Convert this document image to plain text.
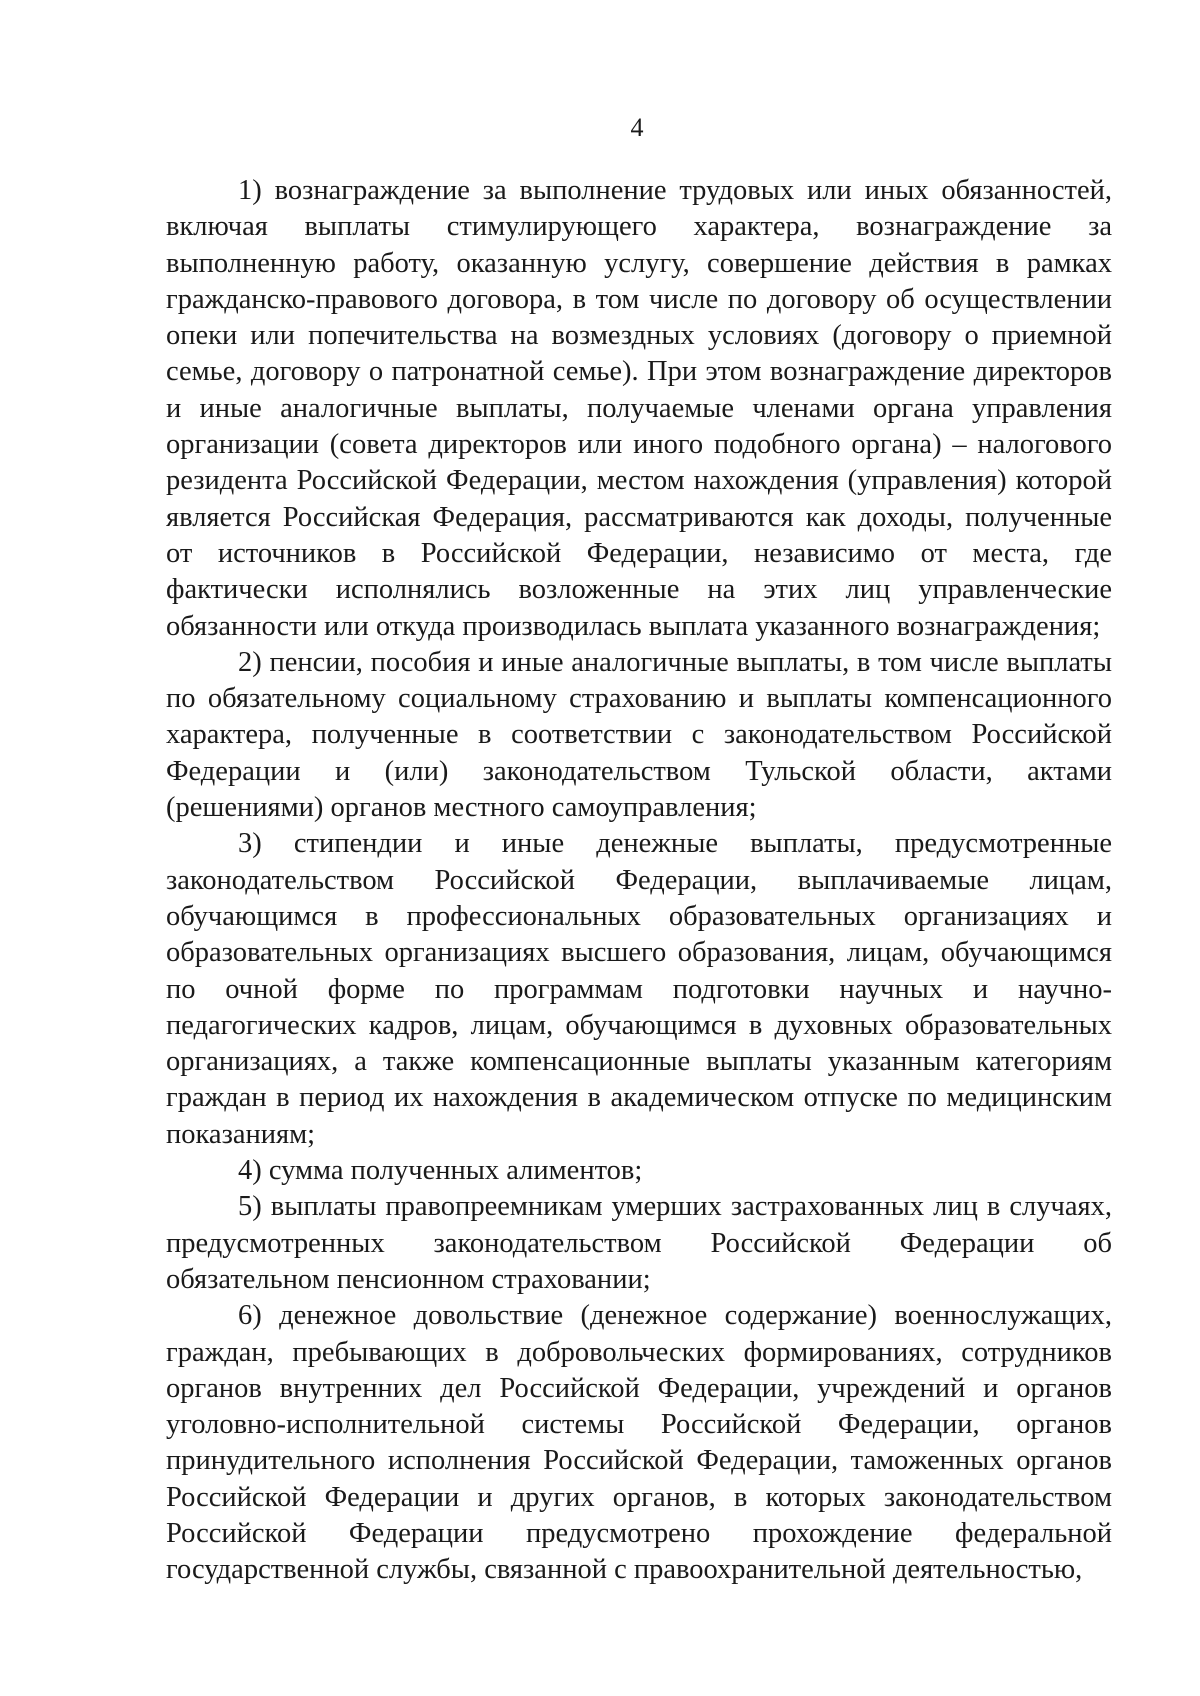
4

1) вознаграждение за выполнение трудовых или иных обязанностей, включая выплаты стимулирующего характера, вознаграждение за выполненную работу, оказанную услугу, совершение действия в рамках гражданско-правового договора, в том числе по договору об осуществлении опеки или попечительства на возмездных условиях (договору о приемной семье, договору о патронатной семье). При этом вознаграждение директоров и иные аналогичные выплаты, получаемые членами органа управления организации (совета директоров или иного подобного органа) – налогового резидента Российской Федерации, местом нахождения (управления) которой является Российская Федерация, рассматриваются как доходы, полученные от источников в Российской Федерации, независимо от места, где фактически исполнялись возложенные на этих лиц управленческие обязанности или откуда производилась выплата указанного вознаграждения;

2) пенсии, пособия и иные аналогичные выплаты, в том числе выплаты по обязательному социальному страхованию и выплаты компенсационного характера, полученные в соответствии с законодательством Российской Федерации и (или) законодательством Тульской области, актами (решениями) органов местного самоуправления;

3) стипендии и иные денежные выплаты, предусмотренные законодательством Российской Федерации, выплачиваемые лицам, обучающимся в профессиональных образовательных организациях и образовательных организациях высшего образования, лицам, обучающимся по очной форме по программам подготовки научных и научно-педагогических кадров, лицам, обучающимся в духовных образовательных организациях, а также компенсационные выплаты указанным категориям граждан в период их нахождения в академическом отпуске по медицинским показаниям;

4) сумма полученных алиментов;

5) выплаты правопреемникам умерших застрахованных лиц в случаях, предусмотренных законодательством Российской Федерации об обязательном пенсионном страховании;

6) денежное довольствие (денежное содержание) военнослужащих, граждан, пребывающих в добровольческих формированиях, сотрудников органов внутренних дел Российской Федерации, учреждений и органов уголовно-исполнительной системы Российской Федерации, органов принудительного исполнения Российской Федерации, таможенных органов Российской Федерации и других органов, в которых законодательством Российской Федерации предусмотрено прохождение федеральной государственной службы, связанной с правоохранительной деятельностью,
